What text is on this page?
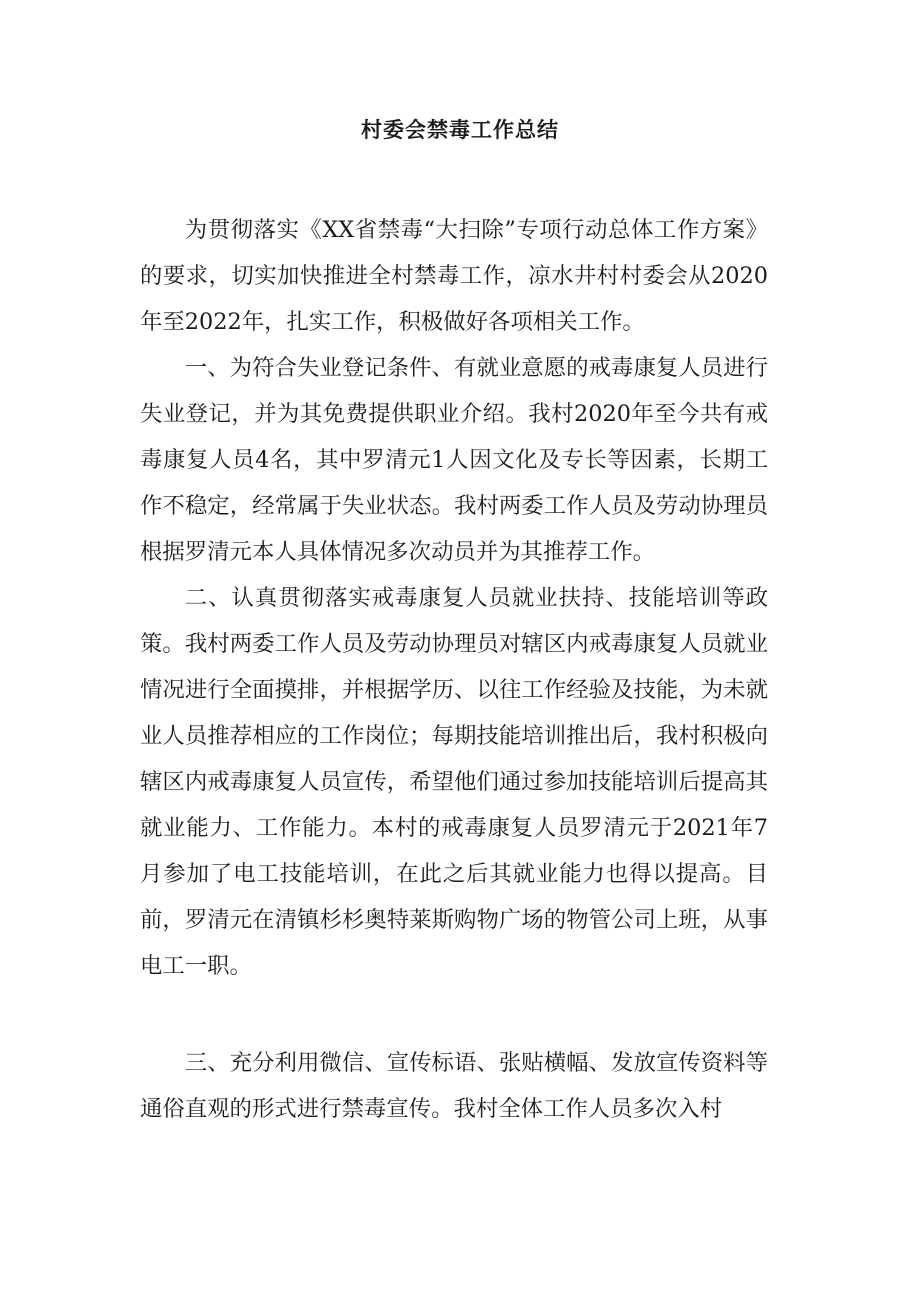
村委会禁毒工作总结

为贯彻落实《XX省禁毒“大扫除”专项行动总体工作方案》的要求，切实加快推进全村禁毒工作，凉水井村村委会从2020年至2022年，扎实工作，积极做好各项相关工作。

一、为符合失业登记条件、有就业意愿的戒毒康复人员进行失业登记，并为其免费提供职业介绍。我村2020年至今共有戒毒康复人员4名，其中罗清元1人因文化及专长等因素，长期工作不稳定，经常属于失业状态。我村两委工作人员及劳动协理员根据罗清元本人具体情况多次动员并为其推荐工作。

二、认真贯彻落实戒毒康复人员就业扶持、技能培训等政策。我村两委工作人员及劳动协理员对辖区内戒毒康复人员就业情况进行全面摸排，并根据学历、以往工作经验及技能，为未就业人员推荐相应的工作岗位；每期技能培训推出后，我村积极向辖区内戒毒康复人员宣传，希望他们通过参加技能培训后提高其就业能力、工作能力。本村的戒毒康复人员罗清元于2021年7月参加了电工技能培训，在此之后其就业能力也得以提高。目前，罗清元在清镇杉杉奥特莱斯购物广场的物管公司上班，从事电工一职。

三、充分利用微信、宣传标语、张贴横幅、发放宣传资料等通俗直观的形式进行禁毒宣传。我村全体工作人员多次入村
